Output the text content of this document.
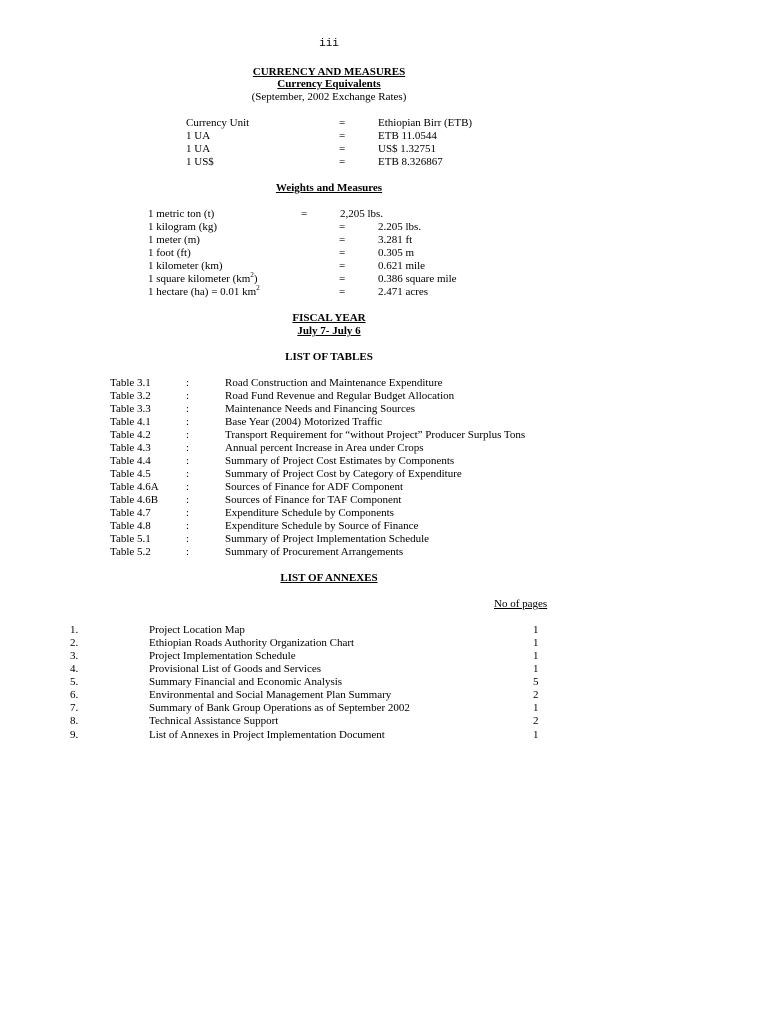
iii
CURRENCY AND MEASURES
Currency Equivalents
(September, 2002 Exchange Rates)
Currency Unit	=	Ethiopian Birr (ETB)
1 UA	=	ETB 11.0544
1 UA	=	US$ 1.32751
1 US$	=	ETB 8.326867
Weights and Measures
1 metric ton (t)	=	2,205 lbs.
1 kilogram (kg)	=	2.205 lbs.
1 meter (m)	=	3.281 ft
1 foot (ft)	=	0.305 m
1 kilometer (km)	=	0.621 mile
1 square kilometer $(km^2)$	=	0.386 square mile
1 hectare (ha) = 0.01 $km^2$	=	2.471 acres
FISCAL YEAR
July 7- July 6
LIST OF TABLES
Table 3.1	:	Road Construction and Maintenance Expenditure
Table 3.2	:	Road Fund Revenue and Regular Budget Allocation
Table 3.3	:	Maintenance Needs and Financing Sources
Table 4.1	:	Base Year (2004) Motorized Traffic
Table 4.2	:	Transport Requirement for “without Project” Producer Surplus Tons
Table 4.3	:	Annual percent Increase in Area under Crops
Table 4.4	:	Summary of Project Cost Estimates by Components
Table 4.5	:	Summary of Project Cost by Category of Expenditure
Table 4.6A :	Sources of Finance for ADF Component
Table 4.6B	:	Sources of Finance for TAF Component
Table 4.7	:	Expenditure Schedule by Components
Table 4.8	:	Expenditure Schedule by Source of Finance
Table 5.1	:	Summary of Project Implementation Schedule
Table 5.2	:	Summary of Procurement Arrangements
LIST OF ANNEXES
No of pages
1.	Project Location Map	1
2.	Ethiopian Roads Authority Organization Chart	1
3.	Project Implementation Schedule	1
4.	Provisional List of Goods and Services	1
5.	Summary Financial and Economic Analysis	5
6.	Environmental and Social Management Plan Summary	2
7.	Summary of Bank Group Operations as of September 2002	1
8.	Technical Assistance Support	2
9.	List of Annexes in Project Implementation Document	1
